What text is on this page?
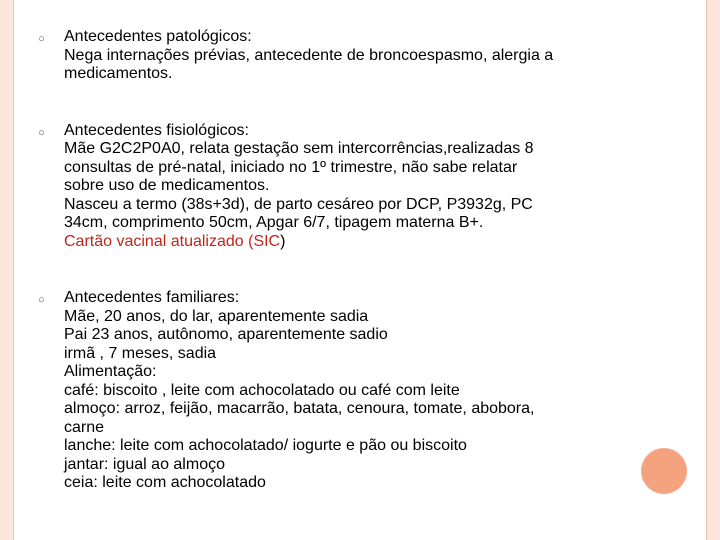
○ Antecedentes patológicos:
Nega internações prévias, antecedente de broncoespasmo, alergia a
medicamentos.
○ Antecedentes fisiológicos:
Mãe G2C2P0A0, relata gestação sem intercorrências,realizadas 8
consultas de pré-natal, iniciado no 1º trimestre, não sabe relatar
sobre uso de medicamentos.
Nasceu a termo (38s+3d), de parto cesáreo por DCP, P3932g, PC
34cm, comprimento 50cm, Apgar 6/7, tipagem materna B+.
Cartão vacinal atualizado (SIC)
○ Antecedentes familiares:
Mãe, 20 anos, do lar, aparentemente sadia
Pai 23 anos, autônomo, aparentemente sadio
irmã , 7 meses, sadia
Alimentação:
café: biscoito , leite com achocolatado ou café com leite
almoço: arroz, feijão, macarrão, batata, cenoura, tomate, abobora,
carne
lanche: leite com achocolatado/ iogurte e pão ou biscoito
jantar: igual ao almoço
ceia: leite com achocolatado
